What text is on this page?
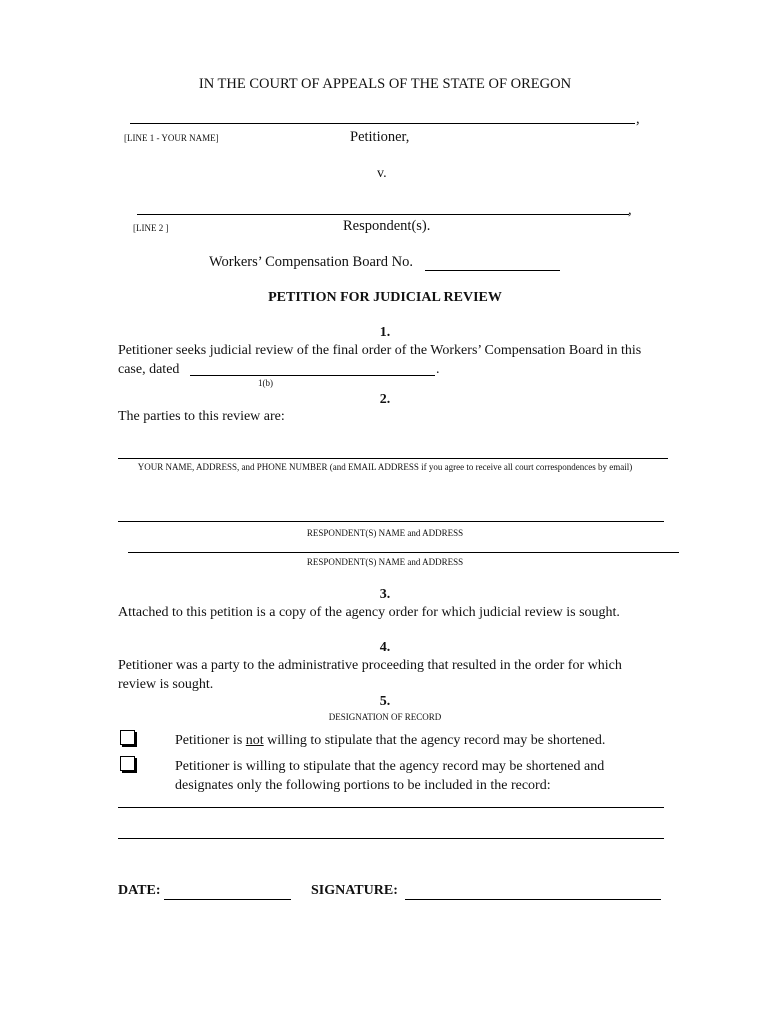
IN THE COURT OF APPEALS OF THE STATE OF OREGON
,
[LINE 1 - YOUR NAME]	Petitioner,
v.
,
[LINE 2 ]	Respondent(s).
Workers’ Compensation Board No.
PETITION FOR JUDICIAL REVIEW
1.
Petitioner seeks judicial review of the final order of the Workers’ Compensation Board in this
case, dated	.
1(b)
2.
The parties to this review are:
YOUR NAME, ADDRESS, and PHONE NUMBER (and EMAIL ADDRESS if you agree to receive all court correspondences by email)
RESPONDENT(S) NAME and ADDRESS
RESPONDENT(S) NAME and ADDRESS
3.
Attached to this petition is a copy of the agency order for which judicial review is sought.
4.
Petitioner was a party to the administrative proceeding that resulted in the order for which
review is sought.
5.
DESIGNATION OF RECORD
Petitioner is not willing to stipulate that the agency record may be shortened.
Petitioner is willing to stipulate that the agency record may be shortened and
designates only the following portions to be included in the record:
DATE:	SIGNATURE:
